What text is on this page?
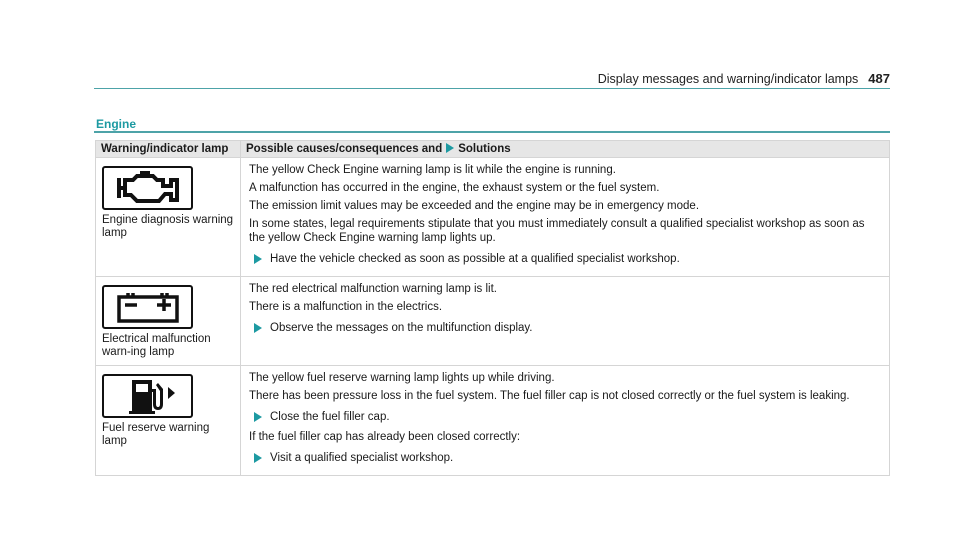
Display messages and warning/indicator lamps 487
Engine
Warning/indicator lamp	Possible causes/consequences and Solutions

Engine diagnosis warning lamp	The yellow Check Engine warning lamp is lit while the engine is running.

A malfunction has occurred in the engine, the exhaust system or the fuel system.

The emission limit values may be exceeded and the engine may be in emergency mode.

In some states, legal requirements stipulate that you must immediately consult a qualified specialist workshop as soon as the yellow Check Engine warning lamp lights up.

Have the vehicle checked as soon as possible at a qualified specialist workshop.

Electrical malfunction warn-ing lamp	The red electrical malfunction warning lamp is lit.

There is a malfunction in the electrics.

Observe the messages on the multifunction display.

Fuel reserve warning lamp	The yellow fuel reserve warning lamp lights up while driving.

There has been pressure loss in the fuel system. The fuel filler cap is not closed correctly or the fuel system is leaking.

Close the fuel filler cap.

If the fuel filler cap has already been closed correctly:

Visit a qualified specialist workshop.
